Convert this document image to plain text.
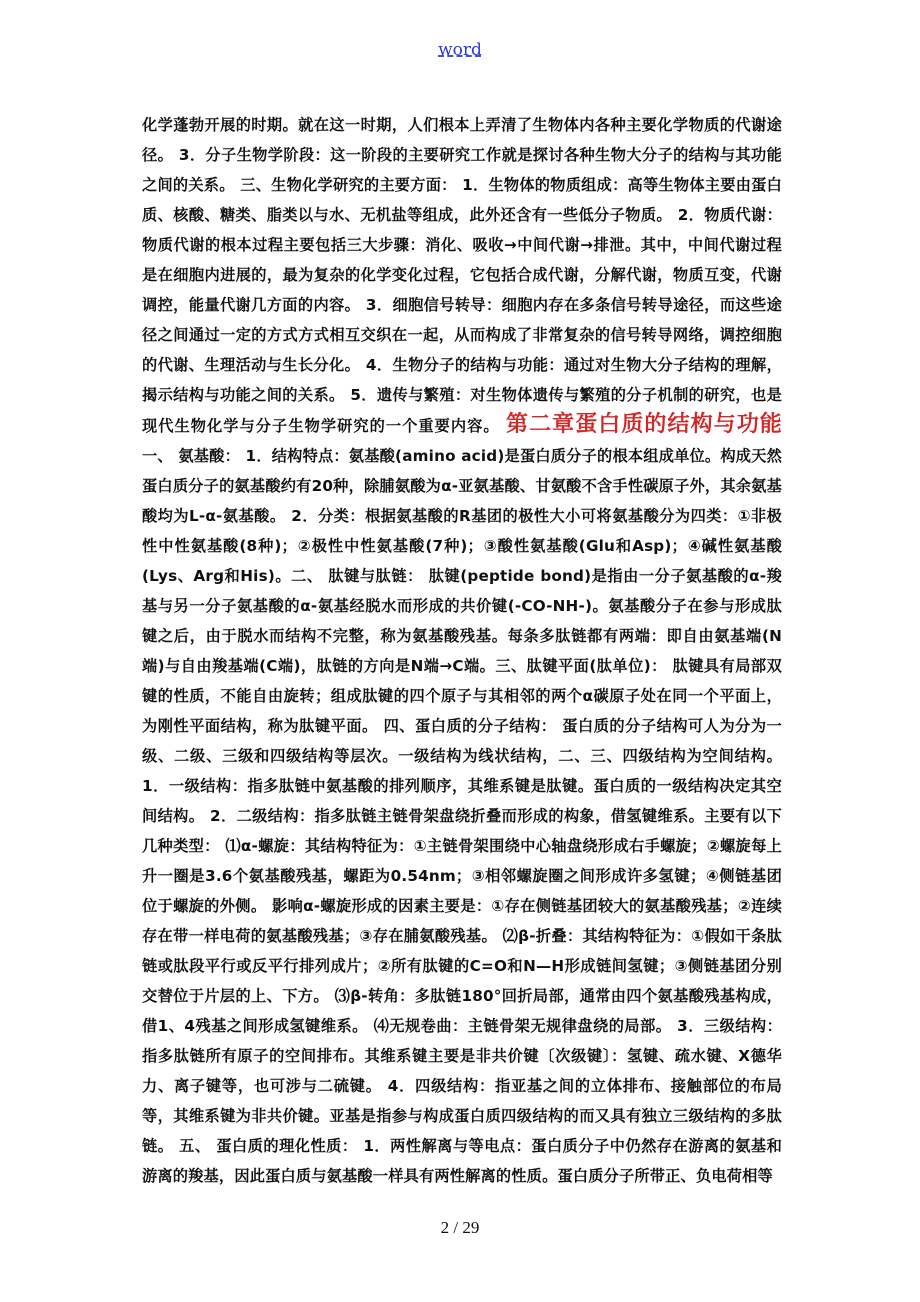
word

化学蓬勃开展的时期。就在这一时期，人们根本上弄清了生物体内各种主要化学物质的代谢途径。 3．分子生物学阶段：这一阶段的主要研究工作就是探讨各种生物大分子的结构与其功能之间的关系。 三、生物化学研究的主要方面： 1．生物体的物质组成：高等生物体主要由蛋白质、核酸、糖类、脂类以与水、无机盐等组成，此外还含有一些低分子物质。 2．物质代谢：物质代谢的根本过程主要包括三大步骤：消化、吸收→中间代谢→排泄。其中，中间代谢过程是在细胞内进展的，最为复杂的化学变化过程，它包括合成代谢，分解代谢，物质互变，代谢调控，能量代谢几方面的内容。 3．细胞信号转导：细胞内存在多条信号转导途径，而这些途径之间通过一定的方式方式相互交织在一起，从而构成了非常复杂的信号转导网络，调控细胞的代谢、生理活动与生长分化。 4．生物分子的结构与功能：通过对生物大分子结构的理解，揭示结构与功能之间的关系。 5．遗传与繁殖：对生物体遗传与繁殖的分子机制的研究，也是现代生物化学与分子生物学研究的一个重要内容。 第二章蛋白质的结构与功能一、 氨基酸： 1．结构特点：氨基酸(amino acid)是蛋白质分子的根本组成单位。构成天然蛋白质分子的氨基酸约有20种，除脯氨酸为α-亚氨基酸、甘氨酸不含手性碳原子外，其余氨基酸均为L-α-氨基酸。 2．分类：根据氨基酸的R基团的极性大小可将氨基酸分为四类：①非极性中性氨基酸(8种)；②极性中性氨基酸(7种)；③酸性氨基酸(Glu和Asp)；④碱性氨基酸(Lys、Arg和His)。二、 肽键与肽链： 肽键(peptide bond)是指由一分子氨基酸的α-羧基与另一分子氨基酸的α-氨基经脱水而形成的共价键(-CO-NH-)。氨基酸分子在参与形成肽键之后，由于脱水而结构不完整，称为氨基酸残基。每条多肽链都有两端：即自由氨基端(N端)与自由羧基端(C端)，肽链的方向是N端→C端。三、肽键平面(肽单位)： 肽键具有局部双键的性质，不能自由旋转；组成肽键的四个原子与其相邻的两个α碳原子处在同一个平面上，为刚性平面结构，称为肽键平面。 四、蛋白质的分子结构： 蛋白质的分子结构可人为分为一级、二级、三级和四级结构等层次。一级结构为线状结构，二、三、四级结构为空间结构。 1．一级结构：指多肽链中氨基酸的排列顺序，其维系键是肽键。蛋白质的一级结构决定其空间结构。 2．二级结构：指多肽链主链骨架盘绕折叠而形成的构象，借氢键维系。主要有以下几种类型： ⑴α-螺旋：其结构特征为：①主链骨架围绕中心轴盘绕形成右手螺旋；②螺旋每上升一圈是3.6个氨基酸残基，螺距为0.54nm；③相邻螺旋圈之间形成许多氢键；④侧链基团位于螺旋的外侧。 影响α-螺旋形成的因素主要是：①存在侧链基团较大的氨基酸残基；②连续存在带一样电荷的氨基酸残基；③存在脯氨酸残基。 ⑵β-折叠：其结构特征为：①假如干条肽链或肽段平行或反平行排列成片；②所有肽键的C=O和N—H形成链间氢键；③侧链基团分别交替位于片层的上、下方。 ⑶β-转角：多肽链180°回折局部，通常由四个氨基酸残基构成，借1、4残基之间形成氢键维系。 ⑷无规卷曲：主链骨架无规律盘绕的局部。 3．三级结构：指多肽链所有原子的空间排布。其维系键主要是非共价键〔次级键〕：氢键、疏水键、X德华力、离子键等，也可涉与二硫键。 4．四级结构：指亚基之间的立体排布、接触部位的布局等，其维系键为非共价键。亚基是指参与构成蛋白质四级结构的而又具有独立三级结构的多肽链。 五、 蛋白质的理化性质： 1．两性解离与等电点：蛋白质分子中仍然存在游离的氨基和游离的羧基，因此蛋白质与氨基酸一样具有两性解离的性质。蛋白质分子所带正、负电荷相等

2 / 29
